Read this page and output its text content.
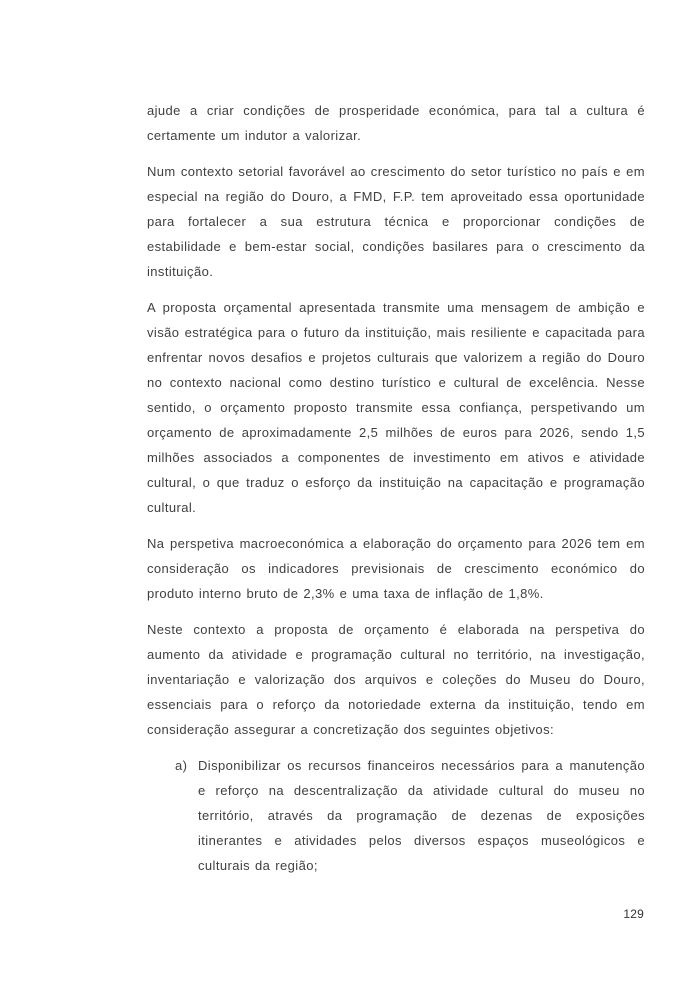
ajude a criar condições de prosperidade económica, para tal a cultura é certamente um indutor a valorizar.

Num contexto setorial favorável ao crescimento do setor turístico no país e em especial na região do Douro, a FMD, F.P. tem aproveitado essa oportunidade para fortalecer a sua estrutura técnica e proporcionar condições de estabilidade e bem-estar social, condições basilares para o crescimento da instituição.

A proposta orçamental apresentada transmite uma mensagem de ambição e visão estratégica para o futuro da instituição, mais resiliente e capacitada para enfrentar novos desafios e projetos culturais que valorizem a região do Douro no contexto nacional como destino turístico e cultural de excelência. Nesse sentido, o orçamento proposto transmite essa confiança, perspetivando um orçamento de aproximadamente 2,5 milhões de euros para 2026, sendo 1,5 milhões associados a componentes de investimento em ativos e atividade cultural, o que traduz o esforço da instituição na capacitação e programação cultural.

Na perspetiva macroeconómica a elaboração do orçamento para 2026 tem em consideração os indicadores previsionais de crescimento económico do produto interno bruto de 2,3% e uma taxa de inflação de 1,8%.

Neste contexto a proposta de orçamento é elaborada na perspetiva do aumento da atividade e programação cultural no território, na investigação, inventariação e valorização dos arquivos e coleções do Museu do Douro, essenciais para o reforço da notoriedade externa da instituição, tendo em consideração assegurar a concretização dos seguintes objetivos:

a) Disponibilizar os recursos financeiros necessários para a manutenção e reforço na descentralização da atividade cultural do museu no território, através da programação de dezenas de exposições itinerantes e atividades pelos diversos espaços museológicos e culturais da região;
129
